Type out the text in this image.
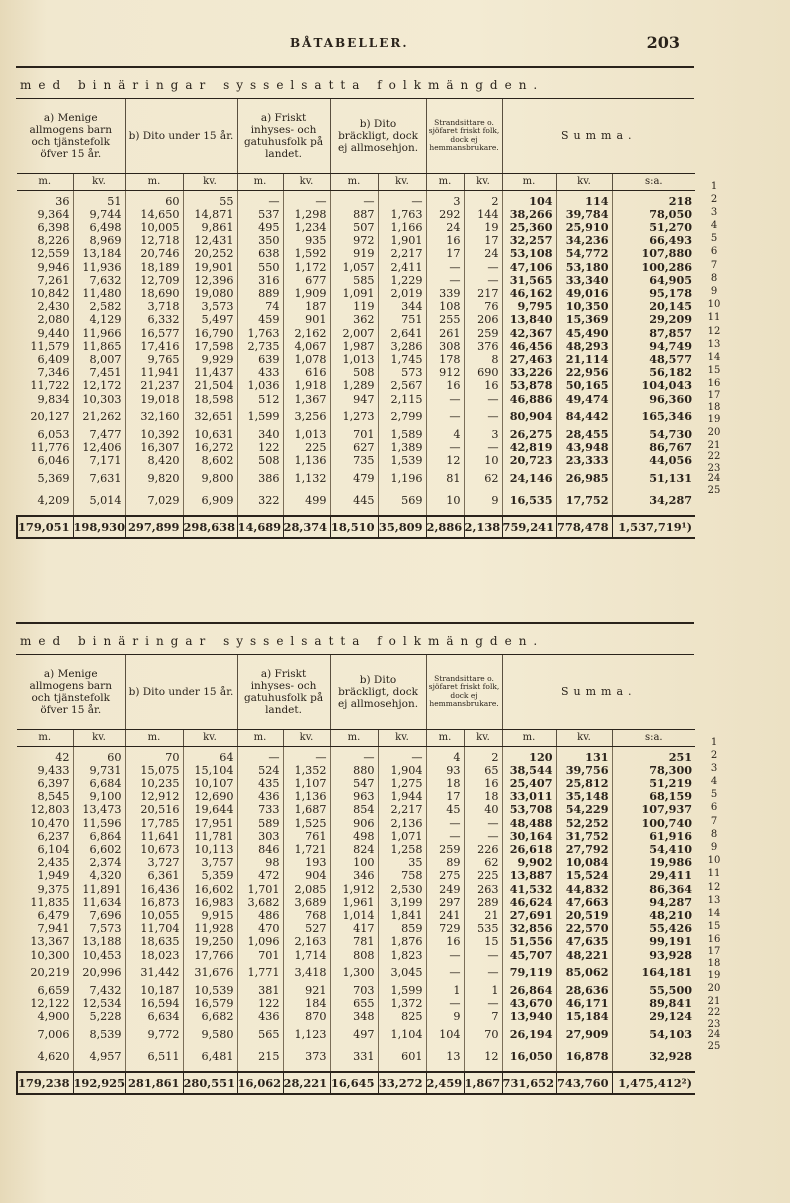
BÅTABELLER.	203
med binäringar sysselsatta folkmängden.
a) Menige allmogens barn och tjänstefolk öfver 15 år.		b) Dito under 15 år.		a) Friskt inhyses- och gatuhusfolk på landet.		b) Dito bräckligt, dock ej allmosehjon.		Strandsittare o. sjöfaret friskt folk, dock ej hemmansbrukare.		Summa.		
m.	kv.	m.	kv.	m.	kv.	m.	kv.	m.	kv.	m.	kv.	s:a.

36	51	60	55	—	—	—	—	3	2	104	114	218
9,364	9,744	14,650	14,871	537	1,298	887	1,763	292	144	38,266	39,784	78,050
6,398	6,498	10,005	9,861	495	1,234	507	1,166	24	19	25,360	25,910	51,270
8,226	8,969	12,718	12,431	350	935	972	1,901	16	17	32,257	34,236	66,493
12,559	13,184	20,746	20,252	638	1,592	919	2,217	17	24	53,108	54,772	107,880
9,946	11,936	18,189	19,901	550	1,172	1,057	2,411	—	—	47,106	53,180	100,286
7,261	7,632	12,709	12,396	316	677	585	1,229	—	—	31,565	33,340	64,905
10,842	11,480	18,690	19,080	889	1,909	1,091	2,019	339	217	46,162	49,016	95,178
2,430	2,582	3,718	3,573	74	187	119	344	108	76	9,795	10,350	20,145
2,080	4,129	6,332	5,497	459	901	362	751	255	206	13,840	15,369	29,209
9,440	11,966	16,577	16,790	1,763	2,162	2,007	2,641	261	259	42,367	45,490	87,857
11,579	11,865	17,416	17,598	2,735	4,067	1,987	3,286	308	376	46,456	48,293	94,749
6,409	8,007	9,765	9,929	639	1,078	1,013	1,745	178	8	27,463	21,114	48,577
7,346	7,451	11,941	11,437	433	616	508	573	912	690	33,226	22,956	56,182
11,722	12,172	21,237	21,504	1,036	1,918	1,289	2,567	16	16	53,878	50,165	104,043
9,834	10,303	19,018	18,598	512	1,367	947	2,115	—	—	46,886	49,474	96,360
20,127	21,262	32,160	32,651	1,599	3,256	1,273	2,799	—	—	80,904	84,442	165,346
6,053	7,477	10,392	10,631	340	1,013	701	1,589	4	3	26,275	28,455	54,730
11,776	12,406	16,307	16,272	122	225	627	1,389	—	—	42,819	43,948	86,767
6,046	7,171	8,420	8,602	508	1,136	735	1,539	12	10	20,723	23,333	44,056
5,369	7,631	9,820	9,800	386	1,132	479	1,196	81	62	24,146	26,985	51,131
4,209	5,014	7,029	6,909	322	499	445	569	10	9	16,535	17,752	34,287

179,051	198,930	297,899	298,638	14,689	28,374	18,510	35,809	2,886	2,138	759,241	778,478	1,537,719¹)
1
2
3
4
5
6
7
8
9
10
11
12
13
14
15
16
17
18
19
20
21
22
23
24
25
med binäringar sysselsatta folkmängden.
a) Menige allmogens barn och tjänstefolk öfver 15 år.		b) Dito under 15 år.		a) Friskt inhyses- och gatuhusfolk på landet.		b) Dito bräckligt, dock ej allmosehjon.		Strandsittare o. sjöfaret friskt folk, dock ej hemmansbrukare.		Summa.		
m.	kv.	m.	kv.	m.	kv.	m.	kv.	m.	kv.	m.	kv.	s:a.

42	60	70	64	—	—	—	—	4	2	120	131	251
9,433	9,731	15,075	15,104	524	1,352	880	1,904	93	65	38,544	39,756	78,300
6,397	6,684	10,235	10,107	435	1,107	547	1,275	18	16	25,407	25,812	51,219
8,545	9,100	12,912	12,690	436	1,136	963	1,944	17	18	33,011	35,148	68,159
12,803	13,473	20,516	19,644	733	1,687	854	2,217	45	40	53,708	54,229	107,937
10,470	11,596	17,785	17,951	589	1,525	906	2,136	—	—	48,488	52,252	100,740
6,237	6,864	11,641	11,781	303	761	498	1,071	—	—	30,164	31,752	61,916
6,104	6,602	10,673	10,113	846	1,721	824	1,258	259	226	26,618	27,792	54,410
2,435	2,374	3,727	3,757	98	193	100	35	89	62	9,902	10,084	19,986
1,949	4,320	6,361	5,359	472	904	346	758	275	225	13,887	15,524	29,411
9,375	11,891	16,436	16,602	1,701	2,085	1,912	2,530	249	263	41,532	44,832	86,364
11,835	11,634	16,873	16,983	3,682	3,689	1,961	3,199	297	289	46,624	47,663	94,287
6,479	7,696	10,055	9,915	486	768	1,014	1,841	241	21	27,691	20,519	48,210
7,941	7,573	11,704	11,928	470	527	417	859	729	535	32,856	22,570	55,426
13,367	13,188	18,635	19,250	1,096	2,163	781	1,876	16	15	51,556	47,635	99,191
10,300	10,453	18,023	17,766	701	1,714	808	1,823	—	—	45,707	48,221	93,928
20,219	20,996	31,442	31,676	1,771	3,418	1,300	3,045	—	—	79,119	85,062	164,181
6,659	7,432	10,187	10,539	381	921	703	1,599	1	1	26,864	28,636	55,500
12,122	12,534	16,594	16,579	122	184	655	1,372	—	—	43,670	46,171	89,841
4,900	5,228	6,634	6,682	436	870	348	825	9	7	13,940	15,184	29,124
7,006	8,539	9,772	9,580	565	1,123	497	1,104	104	70	26,194	27,909	54,103
4,620	4,957	6,511	6,481	215	373	331	601	13	12	16,050	16,878	32,928

179,238	192,925	281,861	280,551	16,062	28,221	16,645	33,272	2,459	1,867	731,652	743,760	1,475,412²)
1
2
3
4
5
6
7
8
9
10
11
12
13
14
15
16
17
18
19
20
21
22
23
24
25
